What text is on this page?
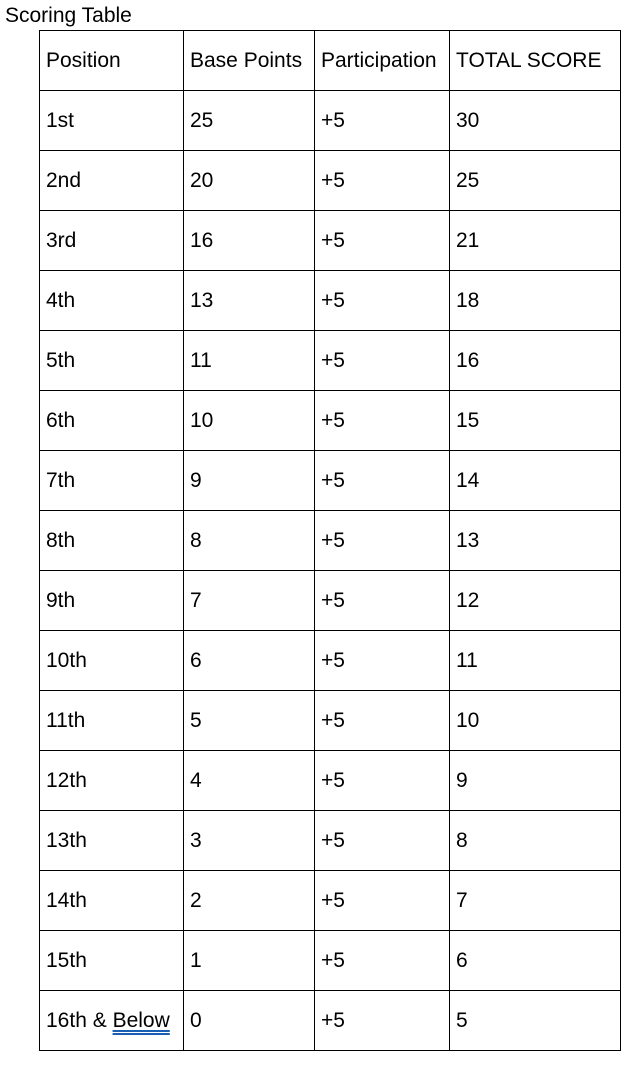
Scoring Table
Position	Base Points	Participation	TOTAL SCORE
1st	25	+5	30
2nd	20	+5	25
3rd	16	+5	21
4th	13	+5	18
5th	11	+5	16
6th	10	+5	15
7th	9	+5	14
8th	8	+5	13
9th	7	+5	12
10th	6	+5	11
11th	5	+5	10
12th	4	+5	9
13th	3	+5	8
14th	2	+5	7
15th	1	+5	6
16th & Below	0	+5	5
